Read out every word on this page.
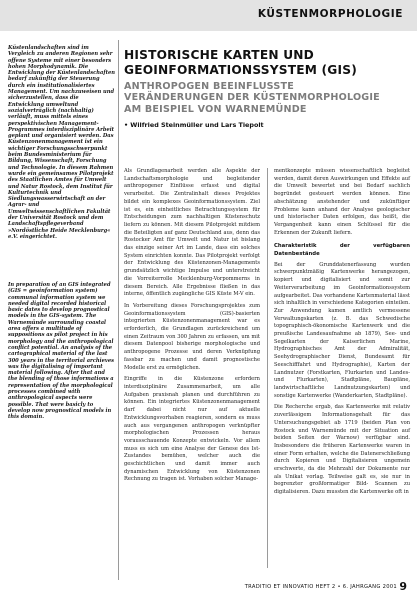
KÜSTENMORPHOLOGIE

Küstenlandschaften sind im Vergleich zu anderen Regionen sehr offene Systeme mit einer besonders hohen Morphodynamik. Die Entwicklung der Küstenlandschaften bedarf zukünftig der Steuerung durch ein institutionalisiertes Management. Um nachzuweisen und sicherzustellen, dass die Entwicklung umweltund sozialverträglich (nachhaltig) verläuft, muss mittels eines perspektivischen Management-Programmes interdisziplinäre Arbeit geplant und organisiert werden. Das Küstenzonenmanagement ist ein wichtiger Forschungsschwerpunkt beim Bundesministerium für Bildung, Wissenschaft, Forschung und Technologie. In diesem Rahmen wurde ein gemeinsames Pilotprojekt des Staatlichen Amtes für Umwelt und Natur Rostock, dem Institut für Kulturtechnik und Siedlungswasserwirtschaft an der Agrar- und Umweltwissenschaftlichen Fakultät der Universität Rostock und dem Landschaftspflegeverband »Nordöstliche Heide Mecklenburg« e.V. eingerichtet.

In preparation of an GIS integrated (GIS = geoinformation system) communal information system we needed digital recorded historical basic dates to develop prognostical models in the GIS-system. The Warnemünde surrounding coastal area offers a multitude of suppositions as pilot project in his morphology and the anthropological conflict potential. An analysis of the cartographical material of the last 300 years in the territorial archieves was the digitalising of important material following. After that and the blending of those informations a representation of the morphological processes combined with anthropological aspects were possible. That were basicly to develop now prognostical models in this domain.

HISTORISCHE KARTEN UND
GEOINFORMATIONSSYSTEM (GIS)
ANTHROPOGEN BEEINFLUSSTE
VERÄNDERUNGEN DER KÜSTENMORPHOLOGIE
AM BEISPIEL VON WARNEMÜNDE
• Wilfried Steinmüller und Lars Tiepolt

Als Grundlagenarbeit werden alle Aspekte der Landschaftsmorphologie und begleitender anthropogener Einflüsse erfasst und digital verarbeitet. Die Zentralinhalt dieses Projektes bildet ein komplexes Geoinformationssystem. Ziel ist es, ein einheitliches Betrachtungssystem für Entscheidungen zum nachhaltigen Küstenschutz liefern zu können. Mit diesem Pilotprojekt mitdiem die Beteiligten auf ganz Deutschland aus, denn das Rostocker Amt für Umwelt und Natur ist bislang das einzige seiner Art im Lande, dass ein solches System einrichten konnte. Das Pilotprojekt verfolgt der Entwicklung des Küstenzonen-Managements grundsätzlich wichtige Impulse und unterstreicht die Vorreiterrolle Mecklenburg-Vorpommerns in diesem Bereich. Alle Ergebnisse fließen in das interne, öffentlich zugängliche GIS Küste M-V ein.

In Vorbereitung dieses Forschungsprojektes zum Geoinformationssystem (GIS)-basierten integrierten Küstenzonenmanagement war es erforderlich, die Grundlagen zurückreichend um einen Zeitraum von 300 Jahren zu erfassen, um mit diesem Datenpool bisherige morphologische und anthropogene Prozesse und deren Verknüpfung fassbar zu machen und damit prognostische Modelle erst zu ermöglichen.

Eingriffe in die Küstenzone erfordern interdisziplinäre Zusammenarbeit, um alle Aufgaben praxisnah planen und durchführen zu können. Ein integriertes Küstenzonenmanagement darf dabei nicht nur auf aktuelle Entwicklungsvorhaben reagieren, sondern es muss auch aus vergangenen anthropogen verknüpfter morphologischen Prozessen heraus vorausschauende Konzepte entwickeln. Vor allem muss es sich um eine Analyse der Genese des Ist-Zustandes bemühen, welcher auch die geschichtlichen und damit immer auch dynamischen Entwicklung von Küstenzonen Rechnung zu tragen ist. Vorhaben solcher Manage-

mentkonzepte müssen wissenschaftlich begleitet werden, damit deren Auswirkungen und Effekte auf die Umwelt bewertet und bei Bedarf sachlich begründet gesteuert werden können. Eine abschätzung anstehender und zukünftiger Probleme kann anhand der Analyse geologischer und historischer Daten erfolgen, das heißt, die Vergangenheit kann einen Schlüssel für die Erkennen der Zukunft liefern.

Charakteristik der verfügbaren Datenbestände

Bei der Grunddatenerfassung wurden schwerpunktmäßig Kartenwerke herangezogen, kopiert und digitalisiert und somit zur Weiterverarbeitung im Geoinformationssystem aufgearbeitet. Das vorhandene Kartenmaterial lässt sich inhaltlich in verschiedene Kategorien einteilen. Zur Anwendung kamen amtlich vermessene Verwaltungskarten (z. B. das Schwedische topographisch-ökonomische Kartenwerk und die preußische Landesaufnahme ab 1879), See- und Segelkarten der Kaiserlichen Marine, Hydrographisches Amt der Admiralität, Seehydrographischer Dienst, Bundesamt für Seeschifffahrt und Hydrographie), Karten der Landnutzer (Forstkarten, Flurkarten und Landes- und Flurkarten), Stadtpläne, Baupläne, landwirtschaftliche Landnutzungskarten) und sonstige Kartenwerke (Wanderkarten, Stadtpläne).

Die Recherche ergab, das Kartenwerke mit relativ zuverlässigem Informationsgehalt für das Untersuchungsgebiet ab 1719 (beiden Plan von Rostock und Warnemünde mit der Situation auf beiden Seiten der Warnow) verfügbar sind. Insbesondere die früheren Kartenwerke waren in einer Form erhalten, welche die Datenerschließung durch Kopieren und Digitalisieren ungemein erschwerte, da die Mehrzahl der Dokumente nur als Unikat vorlag. Teilweise galt es, sie nur in begrenzter großformatiger Bild- Scannen zu digitalisieren. Dazu mussten die Kartenwerke oft in

TRADITIO ET INNOVATIO HEFT 2 • 6. JAHRGANG 2001 9
